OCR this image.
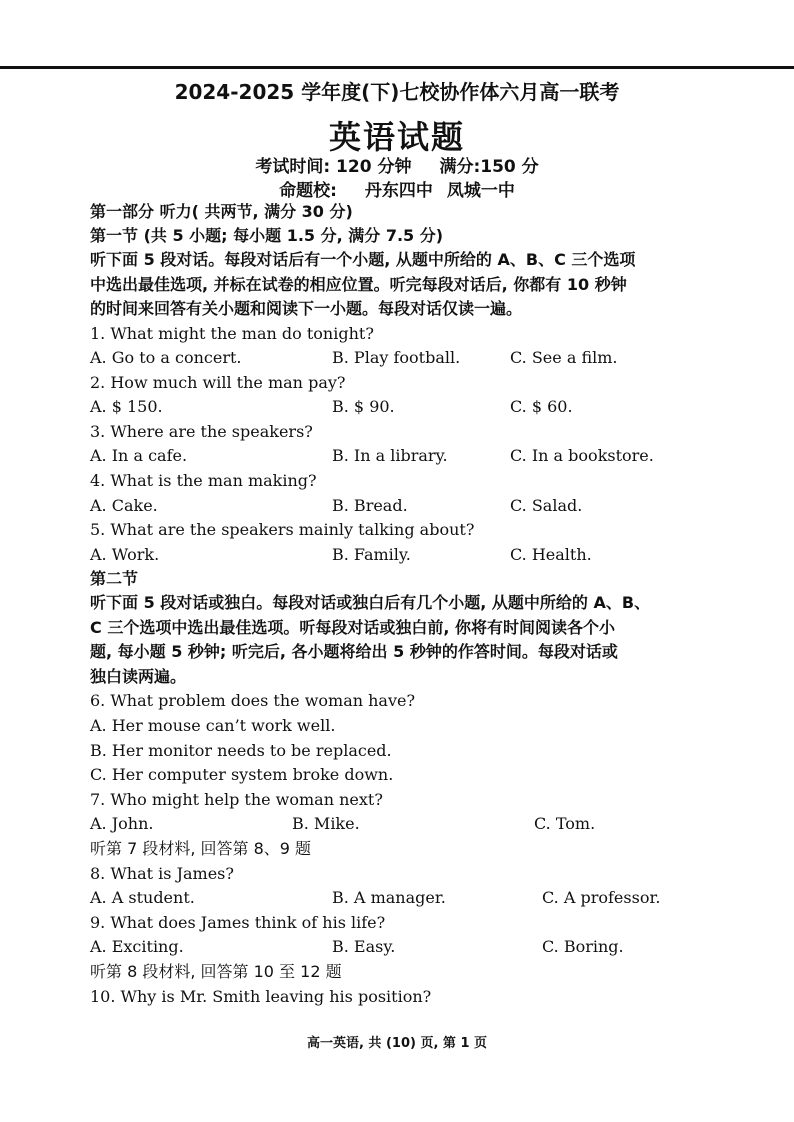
2024-2025 学年度(下)七校协作体六月高一联考
英语试题
考试时间: 120 分钟 满分:150 分
命题校: 丹东四中 凤城一中
第一部分 听力( 共两节, 满分 30 分)
第一节 (共 5 小题; 每小题 1.5 分, 满分 7.5 分)

听下面 5 段对话。每段对话后有一个小题, 从题中所给的 A、B、C 三个选项

中选出最佳选项, 并标在试卷的相应位置。听完每段对话后, 你都有 10 秒钟

的时间来回答有关小题和阅读下一小题。每段对话仅读一遍。

1. What might the man do tonight?

A. Go to a concert.	B. Play football.	C. See a film.

2. How much will the man pay?

A. $ 150.	B. $ 90.	C. $ 60.

3. Where are the speakers?

A. In a cafe.	B. In a library.	C. In a bookstore.

4. What is the man making?

A. Cake.	B. Bread.	C. Salad.

5. What are the speakers mainly talking about?

A. Work.	B. Family.	C. Health.
第二节

听下面 5 段对话或独白。每段对话或独白后有几个小题, 从题中所给的 A、B、

C 三个选项中选出最佳选项。听每段对话或独白前, 你将有时间阅读各个小

题, 每小题 5 秒钟; 听完后, 各小题将给出 5 秒钟的作答时间。每段对话或

独白读两遍。

6. What problem does the woman have?

A. Her mouse can’t work well.

B. Her monitor needs to be replaced.

C. Her computer system broke down.

7. Who might help the woman next?

A. John.	B. Mike.	C. Tom.
听第 7 段材料, 回答第 8、9 题

8. What is James?

A. A student.	B. A manager.	C. A professor.

9. What does James think of his life?

A. Exciting.	B. Easy.	C. Boring.
听第 8 段材料, 回答第 10 至 12 题

10. Why is Mr. Smith leaving his position?

高一英语, 共 (10) 页, 第 1 页
